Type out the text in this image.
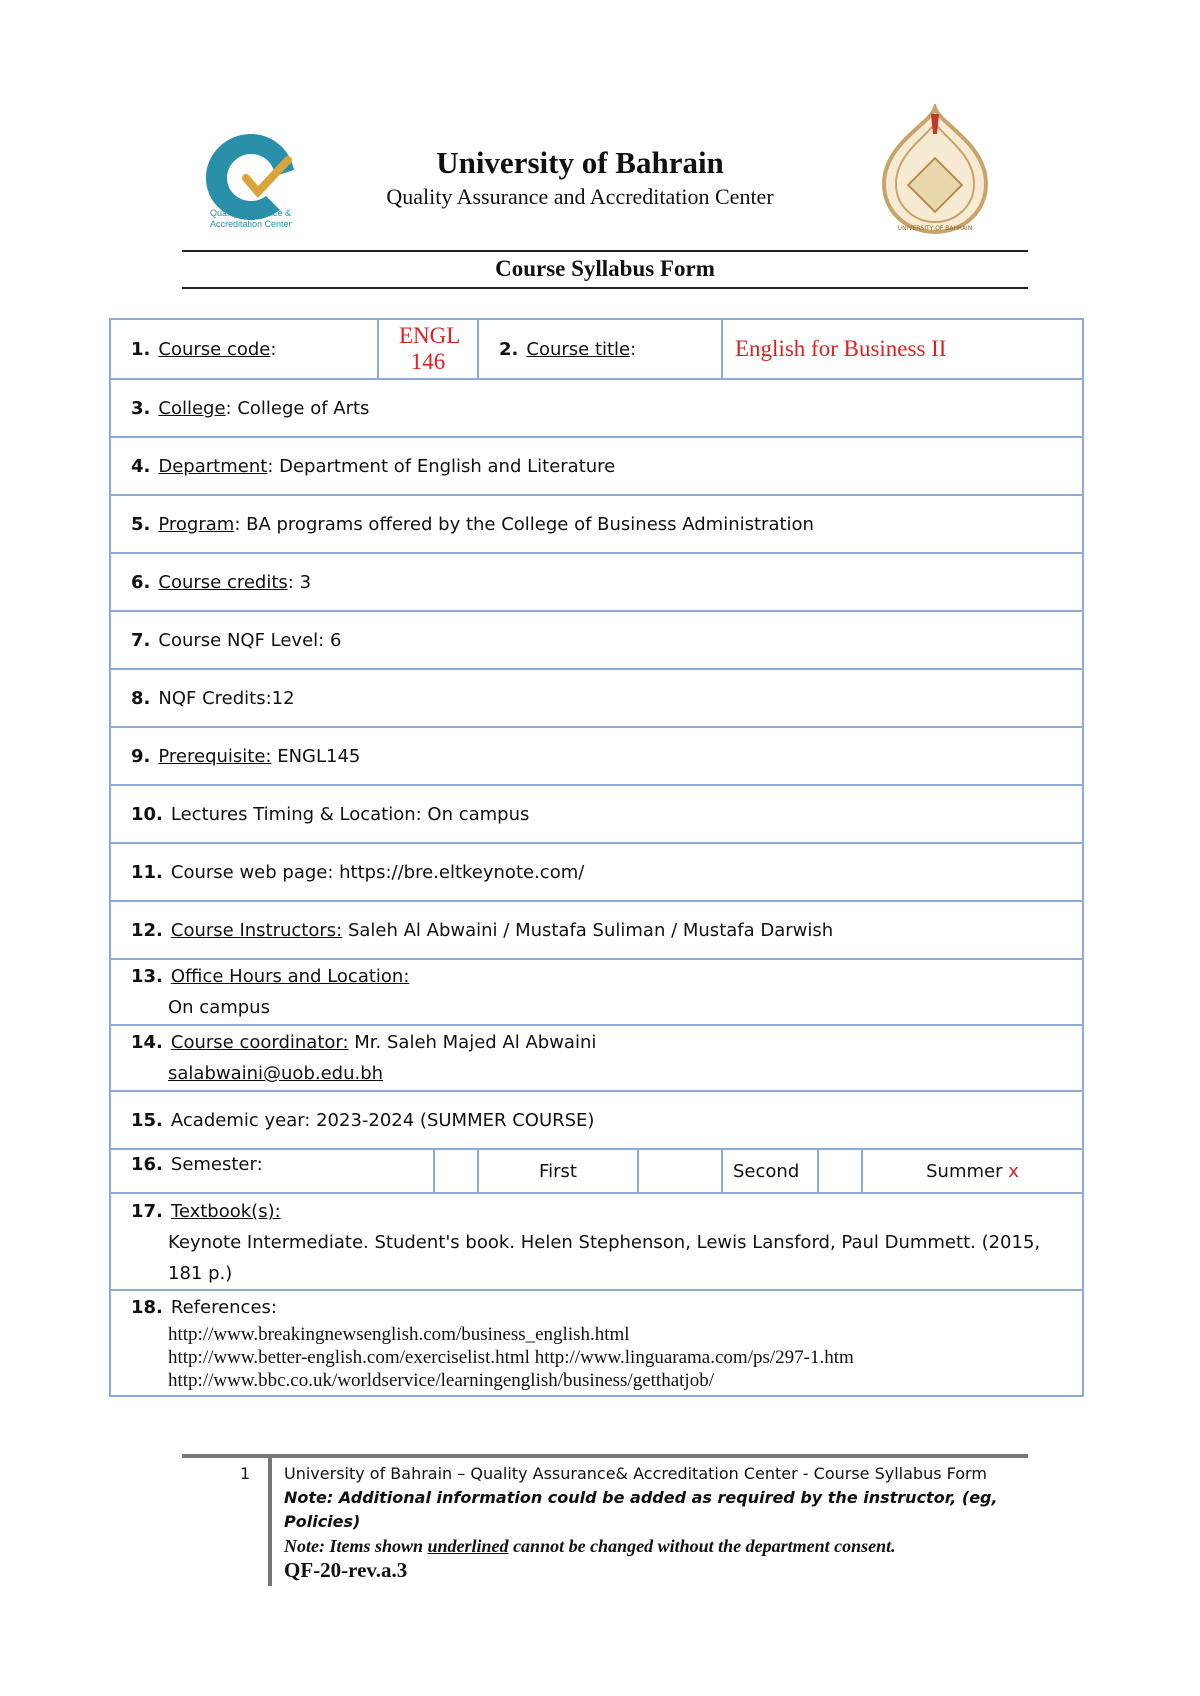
Quality Assurance & Accreditation Center
University of Bahrain
Quality Assurance and Accreditation Center
UNIVERSITY OF BAHRAIN
Course Syllabus Form
1. Course code:	ENGL 146		2. Course title:		English for Business II		
3. College: College of Arts							
4. Department: Department of English and Literature							
5. Program: BA programs offered by the College of Business Administration							
6. Course credits: 3							
7. Course NQF Level: 6							
8. NQF Credits:12							
9. Prerequisite: ENGL145							
10. Lectures Timing & Location: On campus							
11. Course web page: https://bre.eltkeynote.com/							
12. Course Instructors: Saleh Al Abwaini / Mustafa Suliman / Mustafa Darwish							
13. Office Hours and Location:
On campus							

14. Course coordinator: Mr. Saleh Majed Al Abwaini
salabwaini@uob.edu.bh							

15. Academic year: 2023-2024 (SUMMER COURSE)							
16. Semester:			First		Second		Summer x
17. Textbook(s):
Keynote Intermediate. Student's book. Helen Stephenson, Lewis Lansford, Paul Dummett. (2015, 181 p.)							

18. References:
http://www.breakingnewsenglish.com/business_english.html
http://www.better-english.com/exerciselist.html http://www.linguarama.com/ps/297-1.htm
http://www.bbc.co.uk/worldservice/learningenglish/business/getthatjob/							
1 University of Bahrain – Quality Assurance& Accreditation Center - Course Syllabus Form
Note: Additional information could be added as required by the instructor, (eg, Policies)
Note: Items shown underlined cannot be changed without the department consent.
QF-20-rev.a.3
